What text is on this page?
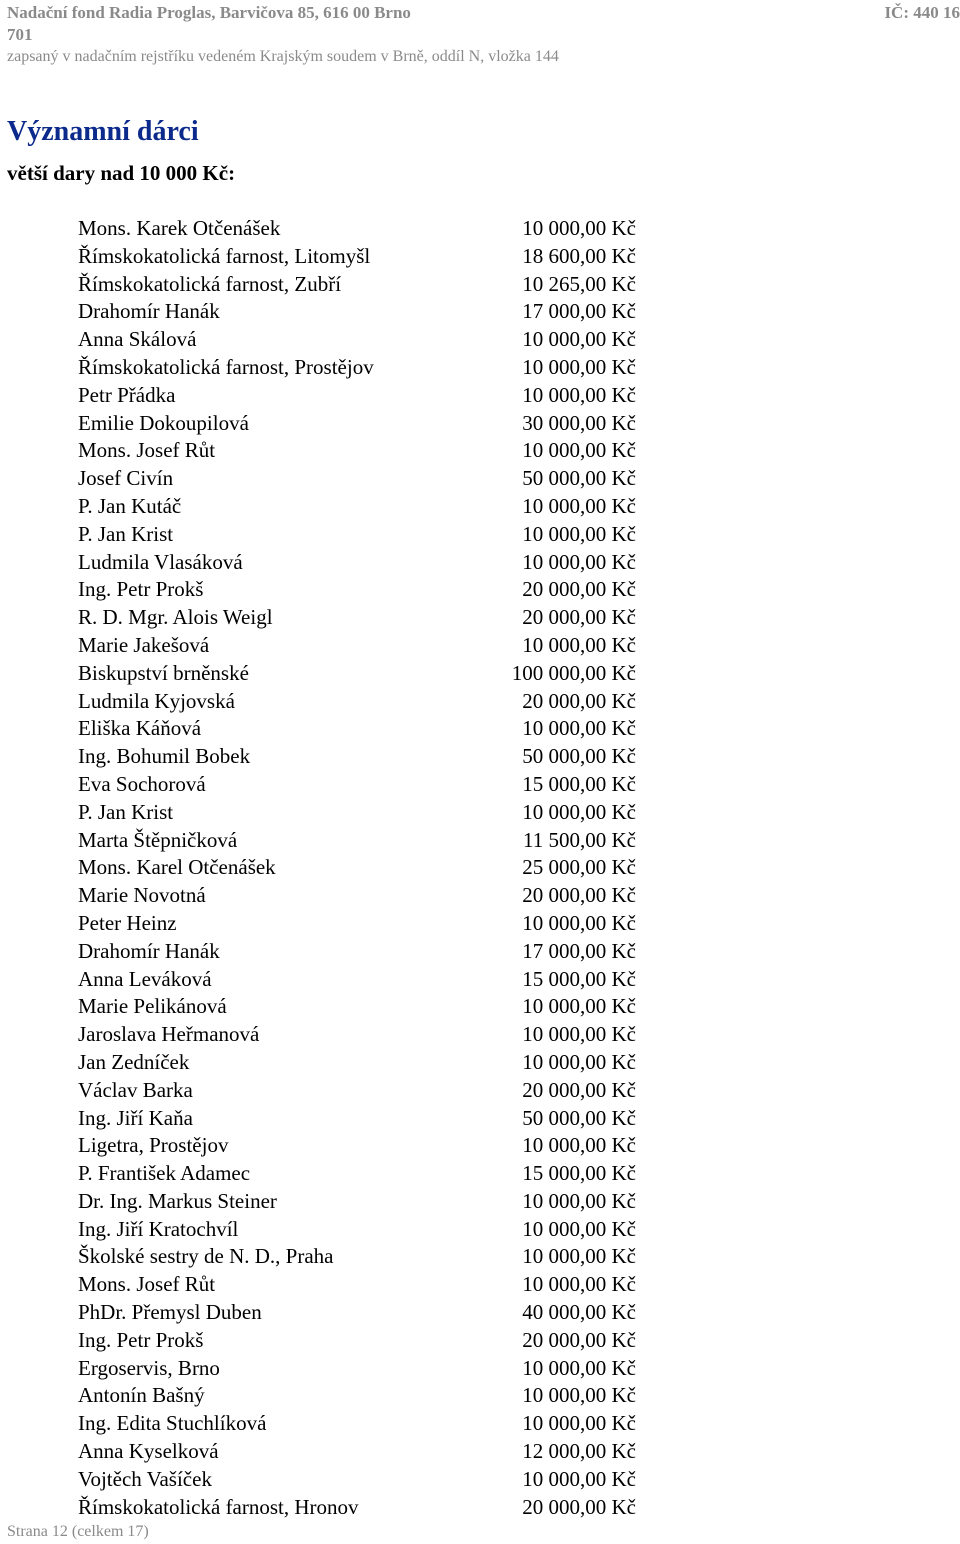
Nadační fond Radia Proglas, Barvičova 85, 616 00 Brno	IČ: 440 16
701
zapsaný v nadačním rejstříku vedeném Krajským soudem v Brně, oddíl N, vložka 144
Významní dárci
větší dary nad 10 000 Kč:
Mons. Karek Otčenášek	10 000,00 Kč
Římskokatolická farnost, Litomyšl	18 600,00 Kč
Římskokatolická farnost, Zubří	10 265,00 Kč
Drahomír Hanák	17 000,00 Kč
Anna Skálová	10 000,00 Kč
Římskokatolická farnost, Prostějov	10 000,00 Kč
Petr Přádka	10 000,00 Kč
Emilie Dokoupilová	30 000,00 Kč
Mons. Josef Růt	10 000,00 Kč
Josef Civín	50 000,00 Kč
P. Jan Kutáč	10 000,00 Kč
P. Jan Krist	10 000,00 Kč
Ludmila Vlasáková	10 000,00 Kč
Ing. Petr Prokš	20 000,00 Kč
R. D. Mgr. Alois Weigl	20 000,00 Kč
Marie Jakešová	10 000,00 Kč
Biskupství brněnské	100 000,00 Kč
Ludmila Kyjovská	20 000,00 Kč
Eliška Káňová	10 000,00 Kč
Ing. Bohumil Bobek	50 000,00 Kč
Eva Sochorová	15 000,00 Kč
P. Jan Krist	10 000,00 Kč
Marta Štěpničková	11 500,00 Kč
Mons. Karel Otčenášek	25 000,00 Kč
Marie Novotná	20 000,00 Kč
Peter Heinz	10 000,00 Kč
Drahomír Hanák	17 000,00 Kč
Anna Leváková	15 000,00 Kč
Marie Pelikánová	10 000,00 Kč
Jaroslava Heřmanová	10 000,00 Kč
Jan Zedníček	10 000,00 Kč
Václav Barka	20 000,00 Kč
Ing. Jiří Kaňa	50 000,00 Kč
Ligetra, Prostějov	10 000,00 Kč
P. František Adamec	15 000,00 Kč
Dr. Ing. Markus Steiner	10 000,00 Kč
Ing. Jiří Kratochvíl	10 000,00 Kč
Školské sestry de N. D., Praha	10 000,00 Kč
Mons. Josef Růt	10 000,00 Kč
PhDr. Přemysl Duben	40 000,00 Kč
Ing. Petr Prokš	20 000,00 Kč
Ergoservis, Brno	10 000,00 Kč
Antonín Bašný	10 000,00 Kč
Ing. Edita Stuchlíková	10 000,00 Kč
Anna Kyselková	12 000,00 Kč
Vojtěch Vašíček	10 000,00 Kč
Římskokatolická farnost, Hronov	20 000,00 Kč
Strana 12 (celkem 17)
